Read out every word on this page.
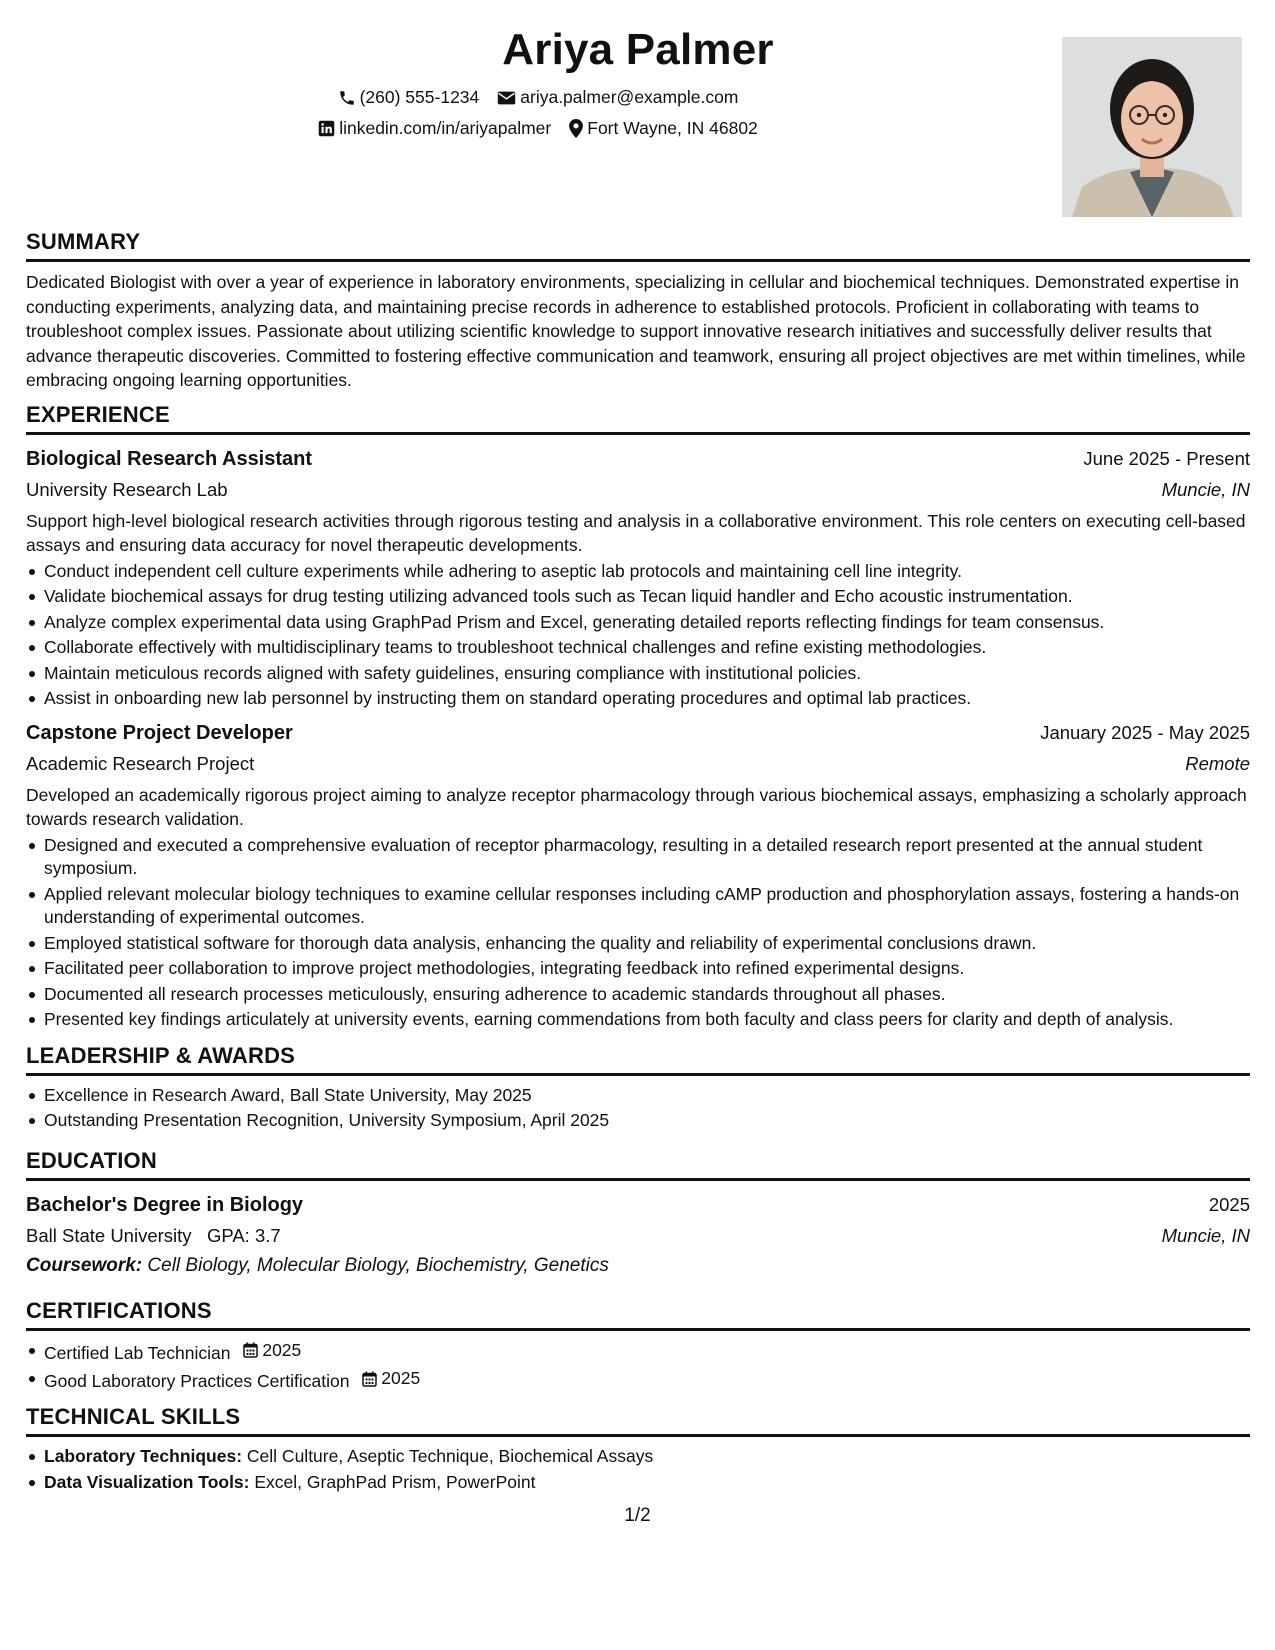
Ariya Palmer
(260) 555-1234 ariya.palmer@example.com
linkedin.com/in/ariyapalmer Fort Wayne, IN 46802
SUMMARY

Dedicated Biologist with over a year of experience in laboratory environments, specializing in cellular and biochemical techniques. Demonstrated expertise in conducting experiments, analyzing data, and maintaining precise records in adherence to established protocols. Proficient in collaborating with teams to troubleshoot complex issues. Passionate about utilizing scientific knowledge to support innovative research initiatives and successfully deliver results that advance therapeutic discoveries. Committed to fostering effective communication and teamwork, ensuring all project objectives are met within timelines, while embracing ongoing learning opportunities.

EXPERIENCE
Biological Research Assistant	June 2025 - Present
University Research Lab	Muncie, IN
Support high-level biological research activities through rigorous testing and analysis in a collaborative environment. This role centers on executing cell-based assays and ensuring data accuracy for novel therapeutic developments.
Conduct independent cell culture experiments while adhering to aseptic lab protocols and maintaining cell line integrity.
Validate biochemical assays for drug testing utilizing advanced tools such as Tecan liquid handler and Echo acoustic instrumentation.
Analyze complex experimental data using GraphPad Prism and Excel, generating detailed reports reflecting findings for team consensus.
Collaborate effectively with multidisciplinary teams to troubleshoot technical challenges and refine existing methodologies.
Maintain meticulous records aligned with safety guidelines, ensuring compliance with institutional policies.
Assist in onboarding new lab personnel by instructing them on standard operating procedures and optimal lab practices.
Capstone Project Developer	January 2025 - May 2025
Academic Research Project	Remote
Developed an academically rigorous project aiming to analyze receptor pharmacology through various biochemical assays, emphasizing a scholarly approach towards research validation.
Designed and executed a comprehensive evaluation of receptor pharmacology, resulting in a detailed research report presented at the annual student symposium.
Applied relevant molecular biology techniques to examine cellular responses including cAMP production and phosphorylation assays, fostering a hands-on understanding of experimental outcomes.
Employed statistical software for thorough data analysis, enhancing the quality and reliability of experimental conclusions drawn.
Facilitated peer collaboration to improve project methodologies, integrating feedback into refined experimental designs.
Documented all research processes meticulously, ensuring adherence to academic standards throughout all phases.
Presented key findings articulately at university events, earning commendations from both faculty and class peers for clarity and depth of analysis.
LEADERSHIP & AWARDS
Excellence in Research Award, Ball State University, May 2025
Outstanding Presentation Recognition, University Symposium, April 2025
EDUCATION
Bachelor's Degree in Biology	2025
Ball State University GPA: 3.7	Muncie, IN
Coursework: Cell Biology, Molecular Biology, Biochemistry, Genetics
CERTIFICATIONS
Certified Lab Technician 2025
Good Laboratory Practices Certification 2025
TECHNICAL SKILLS
Laboratory Techniques: Cell Culture, Aseptic Technique, Biochemical Assays
Data Visualization Tools: Excel, GraphPad Prism, PowerPoint
1/2
